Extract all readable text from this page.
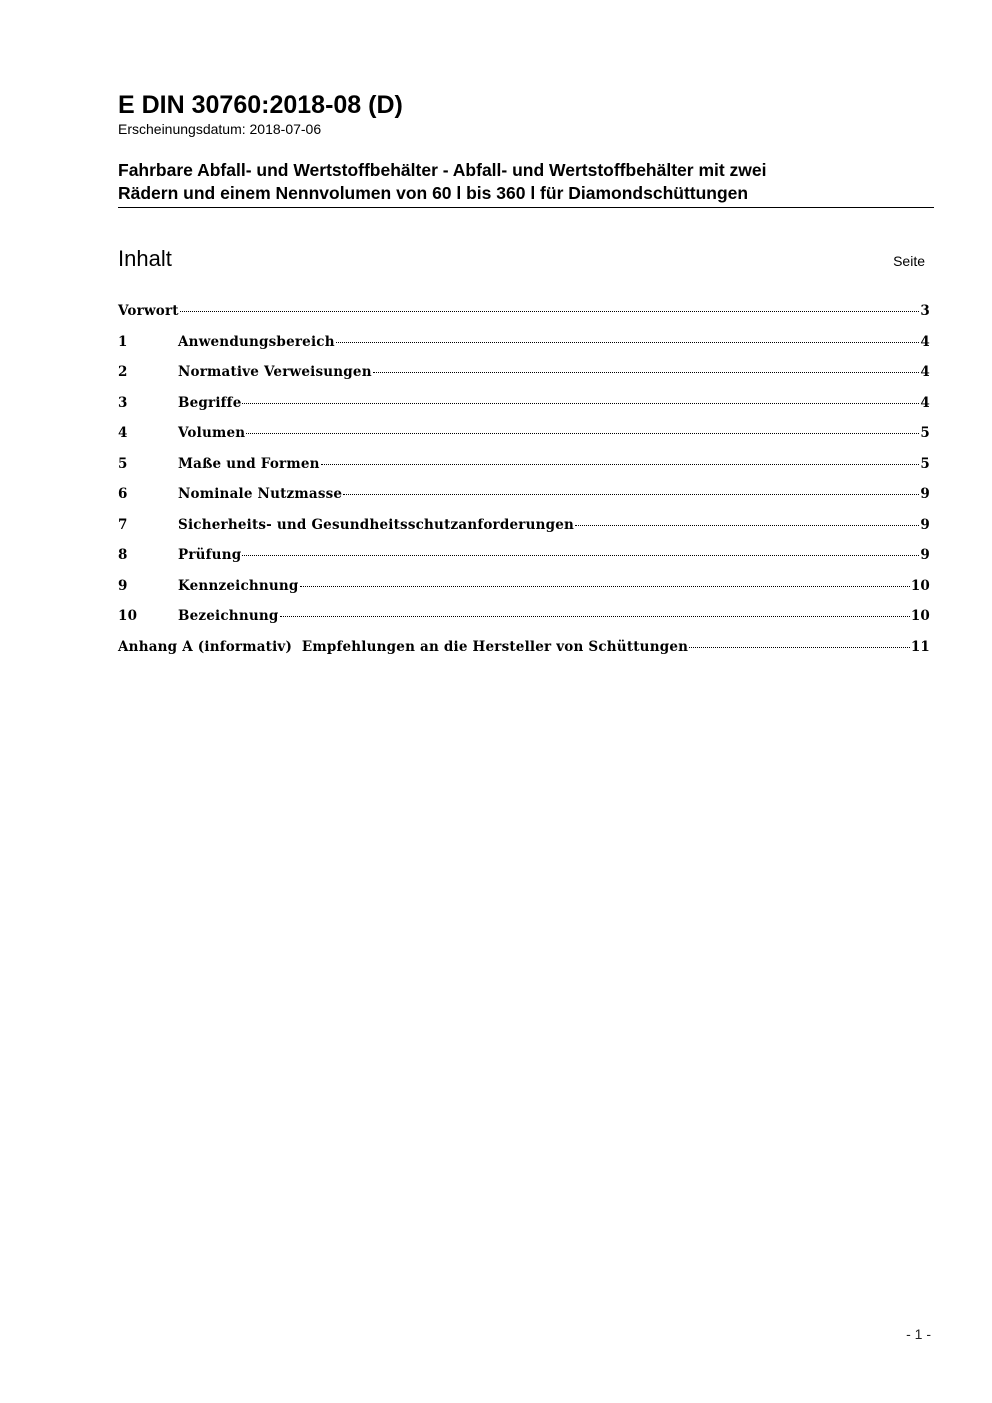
E DIN 30760:2018-08 (D)
Erscheinungsdatum: 2018-07-06
Fahrbare Abfall- und Wertstoffbehälter - Abfall- und Wertstoffbehälter mit zwei
Rädern und einem Nennvolumen von 60 l bis 360 l für Diamondschüttungen
Inhalt	Seite
Vorwort	3
1	Anwendungsbereich	4
2	Normative Verweisungen	4
3	Begriffe	4
4	Volumen	5
5	Maße und Formen	5
6	Nominale Nutzmasse	9
7	Sicherheits- und Gesundheitsschutzanforderungen	9
8	Prüfung	9
9	Kennzeichnung	10
10	Bezeichnung	10
Anhang A (informativ)  Empfehlungen an die Hersteller von Schüttungen	11
- 1 -
